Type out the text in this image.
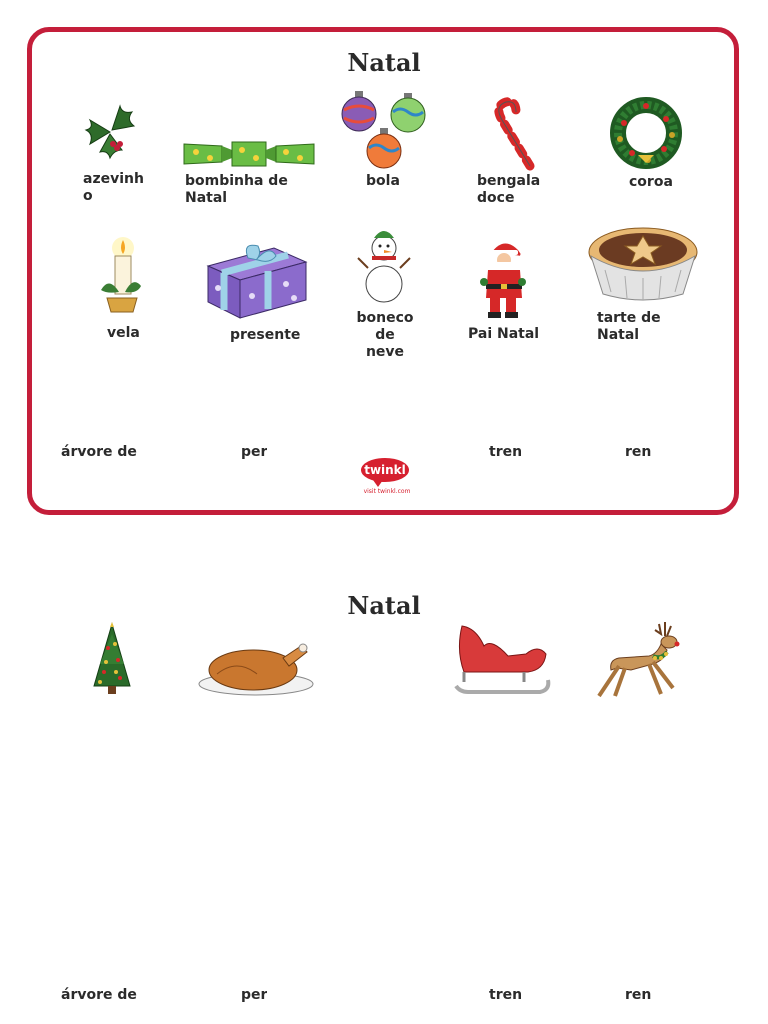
Natal
azevinh
o
bombinha de
Natal
bola	bengala
doce
coroa
vela	presente
boneco de
neve
Pai Natal
tarte de
Natal
árvore de	per	tren	ren
twinkl
visit twinkl.com
Natal
árvore de	per	tren	ren
